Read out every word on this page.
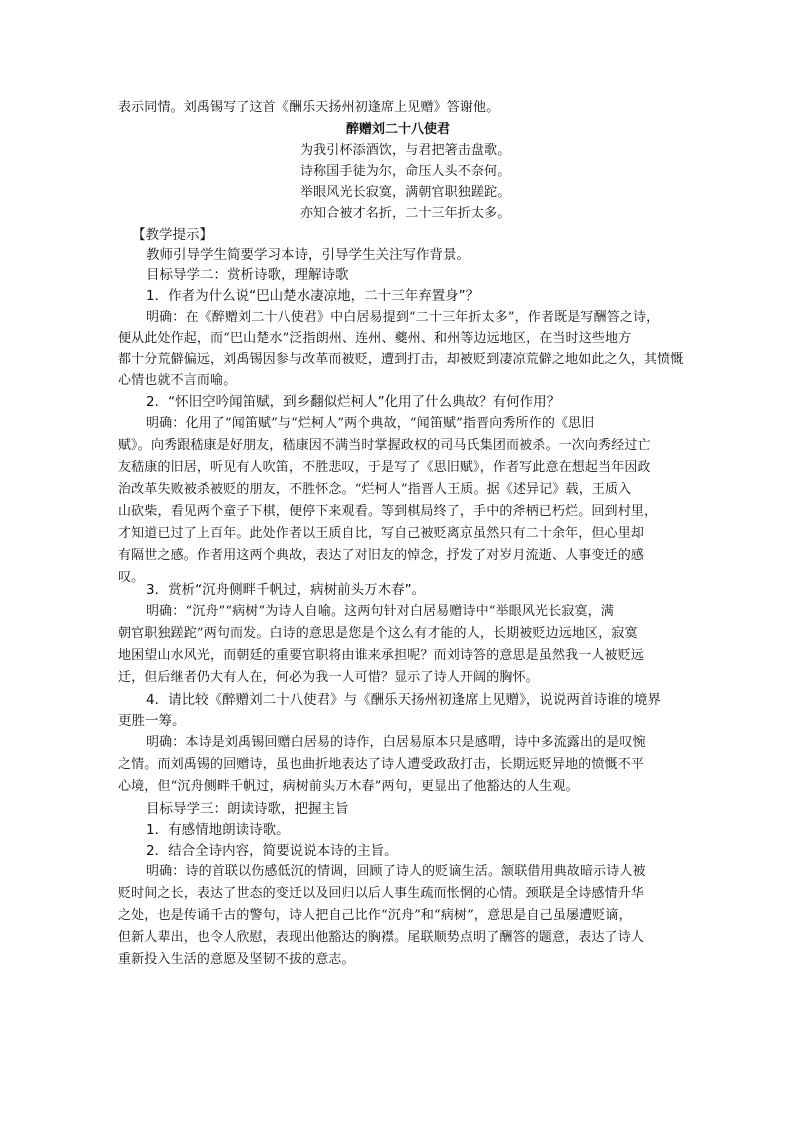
表示同情。刘禹锡写了这首《酬乐天扬州初逢席上见赠》答谢他。
醉赠刘二十八使君
为我引杯添酒饮，与君把箸击盘歌。
诗称国手徒为尔，命压人头不奈何。
举眼风光长寂寞，满朝官职独蹉跎。
亦知合被才名折，二十三年折太多。
【教学提示】
教师引导学生简要学习本诗，引导学生关注写作背景。
目标导学二：赏析诗歌，理解诗歌
1．作者为什么说“巴山楚水凄凉地，二十三年弃置身”？
明确：在《醉赠刘二十八使君》中白居易提到“二十三年折太多”，作者既是写酬答之诗，
便从此处作起，而“巴山楚水”泛指朗州、连州、夔州、和州等边远地区，在当时这些地方
都十分荒僻偏远，刘禹锡因参与改革而被贬，遭到打击，却被贬到凄凉荒僻之地如此之久，其愤慨
心情也就不言而喻。
2．“怀旧空吟闻笛赋，到乡翻似烂柯人”化用了什么典故？有何作用？
明确：化用了“闻笛赋”与“烂柯人”两个典故，“闻笛赋”指晋向秀所作的《思旧
赋》。向秀跟嵇康是好朋友，嵇康因不满当时掌握政权的司马氏集团而被杀。一次向秀经过亡
友嵇康的旧居，听见有人吹笛，不胜悲叹，于是写了《思旧赋》，作者写此意在想起当年因政
治改革失败被杀被贬的朋友，不胜怀念。“烂柯人”指晋人王质。据《述异记》载，王质入
山砍柴，看见两个童子下棋，便停下来观看。等到棋局终了，手中的斧柄已朽烂。回到村里，
才知道已过了上百年。此处作者以王质自比，写自己被贬离京虽然只有二十余年，但心里却
有隔世之感。作者用这两个典故，表达了对旧友的悼念，抒发了对岁月流逝、人事变迁的感
叹。
3．赏析“沉舟侧畔千帆过，病树前头万木春”。
明确：“沉舟”“病树”为诗人自喻。这两句针对白居易赠诗中“举眼风光长寂寞，满
朝官职独蹉跎”两句而发。白诗的意思是您是个这么有才能的人，长期被贬边远地区，寂寞
地困望山水风光，而朝廷的重要官职将由谁来承担呢？而刘诗答的意思是虽然我一人被贬远
迁，但后继者仍大有人在，何必为我一人可惜？显示了诗人开阔的胸怀。
4．请比较《醉赠刘二十八使君》与《酬乐天扬州初逢席上见赠》，说说两首诗谁的境界
更胜一筹。
明确：本诗是刘禹锡回赠白居易的诗作，白居易原本只是感喟，诗中多流露出的是叹惋
之情。而刘禹锡的回赠诗，虽也曲折地表达了诗人遭受政敌打击，长期远贬异地的愤慨不平
心境，但“沉舟侧畔千帆过，病树前头万木春”两句，更显出了他豁达的人生观。
目标导学三：朗读诗歌，把握主旨
1．有感情地朗读诗歌。
2．结合全诗内容，简要说说本诗的主旨。
明确：诗的首联以伤感低沉的情调，回顾了诗人的贬谪生活。颔联借用典故暗示诗人被
贬时间之长，表达了世态的变迁以及回归以后人事生疏而怅惘的心情。颈联是全诗感情升华
之处，也是传诵千古的警句，诗人把自己比作“沉舟”和“病树”，意思是自己虽屡遭贬谪，
但新人辈出，也令人欣慰，表现出他豁达的胸襟。尾联顺势点明了酬答的题意，表达了诗人
重新投入生活的意愿及坚韧不拔的意志。
